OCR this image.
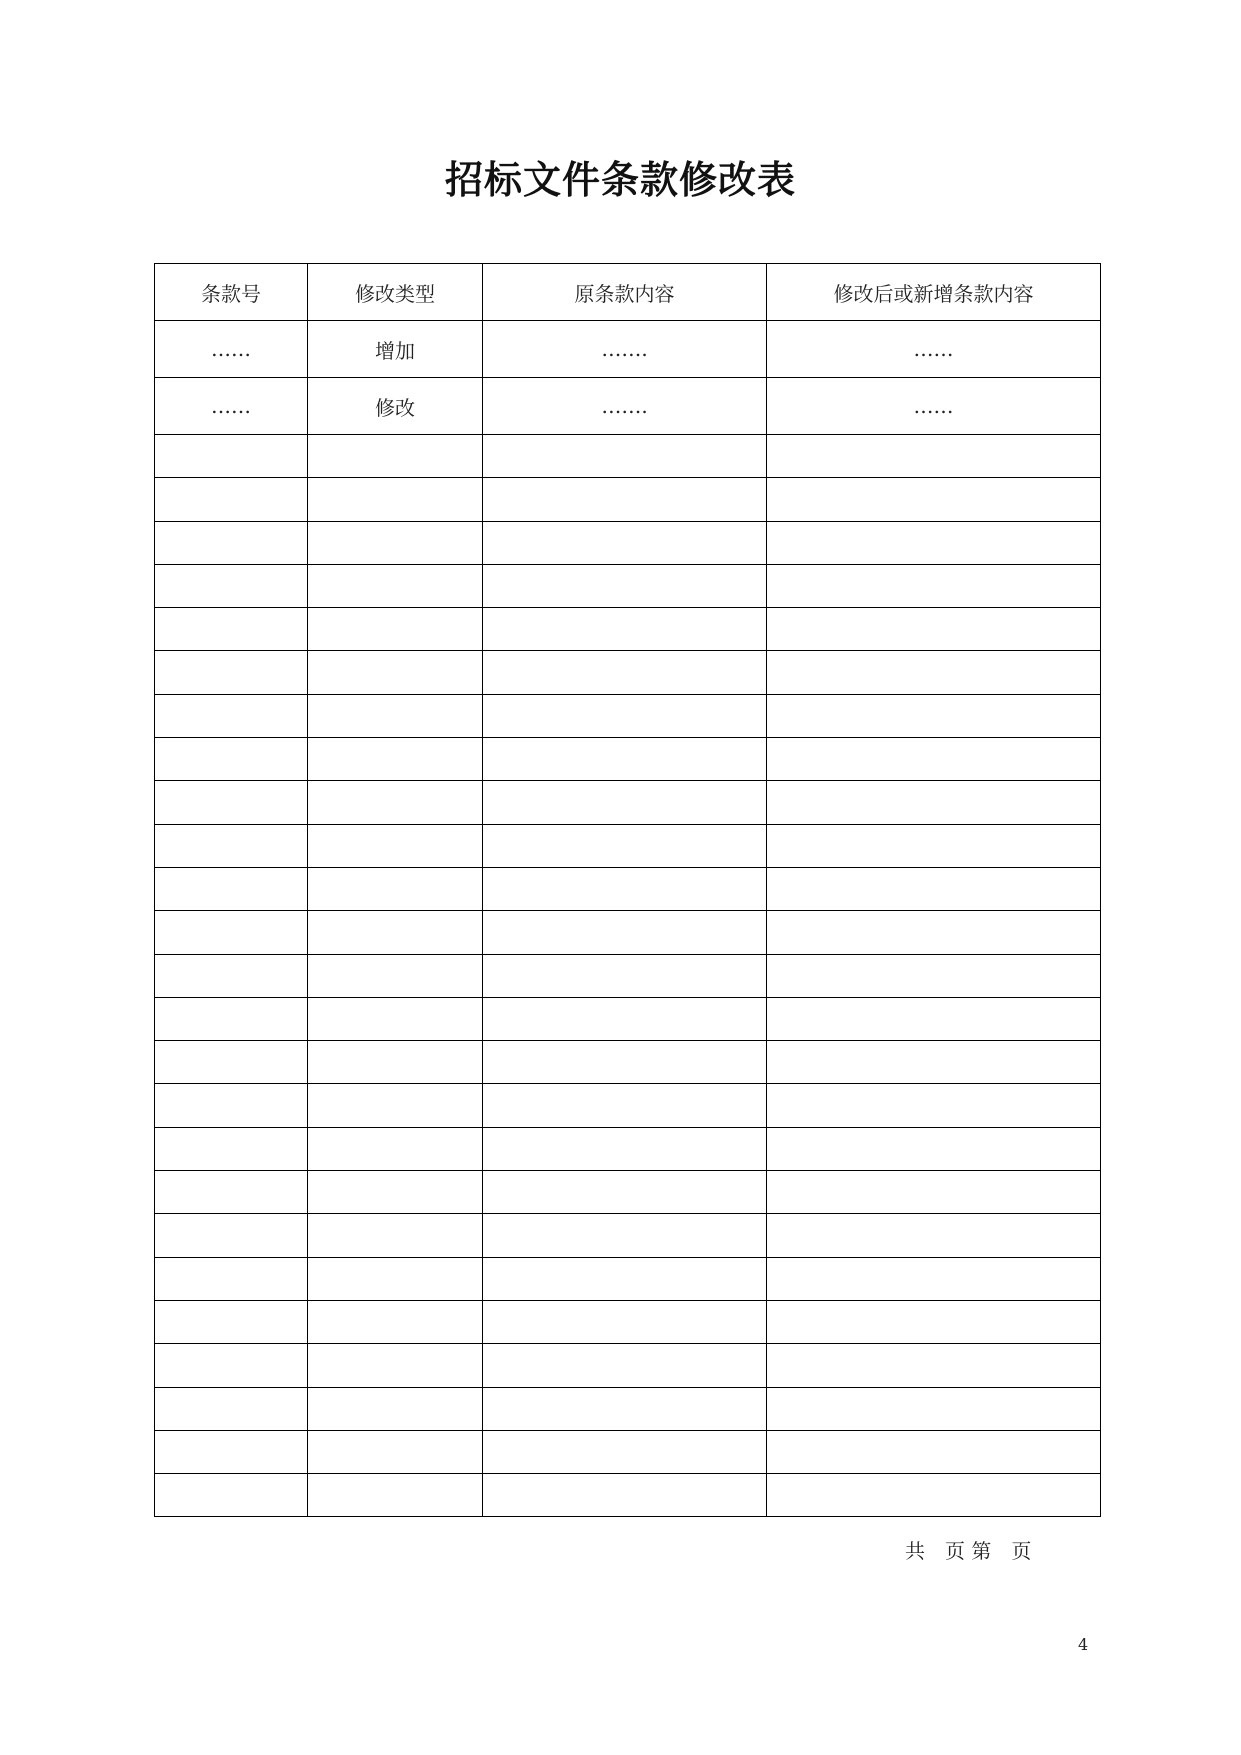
招标文件条款修改表
条款号	修改类型	原条款内容	修改后或新增条款内容
……	增加	…….	……
……	修改	…….	……

共　页 第　页
4
